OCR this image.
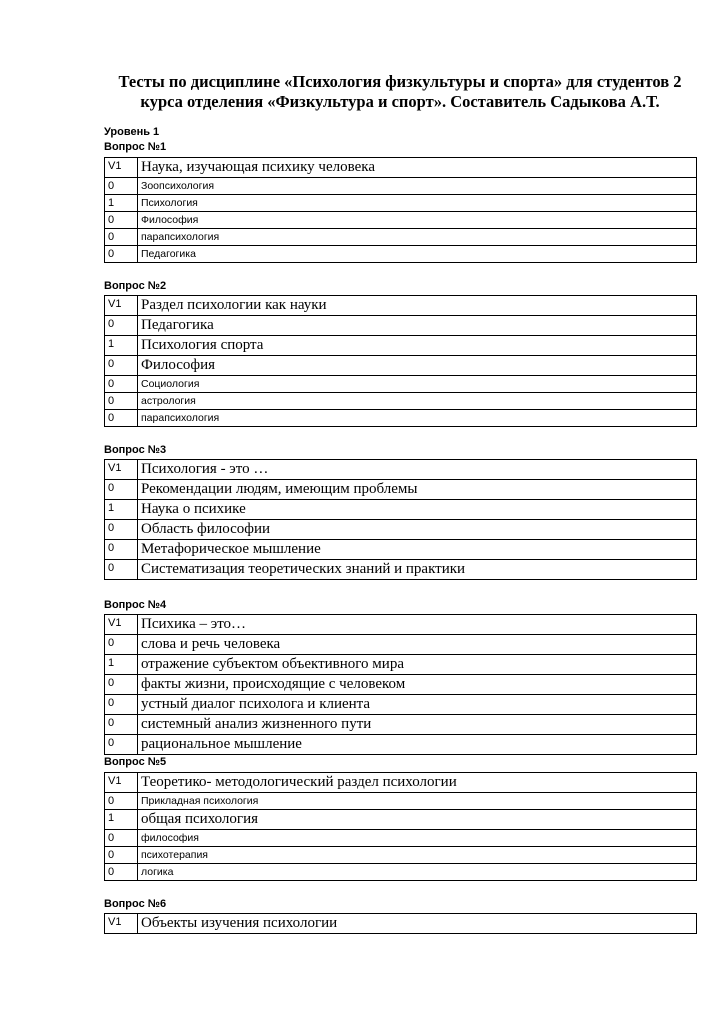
Тесты по дисциплине «Психология физкультуры и спорта» для студентов 2 курса отделения «Физкультура и спорт». Составитель Садыкова А.Т.
Уровень 1
Вопрос №1
V1	Наука, изучающая психику человека
0	Зоопсихология
1	Психология
0	Философия
0	парапсихология
0	Педагогика
Вопрос №2
V1	Раздел психологии как науки
0	Педагогика
1	Психология спорта
0	Философия
0	Социология
0	астрология
0	парапсихология
Вопрос №3
V1	Психология - это …
0	Рекомендации людям, имеющим проблемы
1	Наука о психике
0	Область философии
0	Метафорическое мышление
0	Систематизация теоретических знаний и практики
Вопрос №4
V1	Психика – это…
0	слова и речь человека
1	отражение субъектом объективного мира
0	факты жизни, происходящие с человеком
0	устный диалог психолога и клиента
0	системный анализ жизненного пути
0	рациональное мышление
Вопрос №5
V1	Теоретико- методологический раздел психологии
0	Прикладная психология
1	общая психология
0	философия
0	психотерапия
0	логика
Вопрос №6
V1	Объекты изучения психологии
